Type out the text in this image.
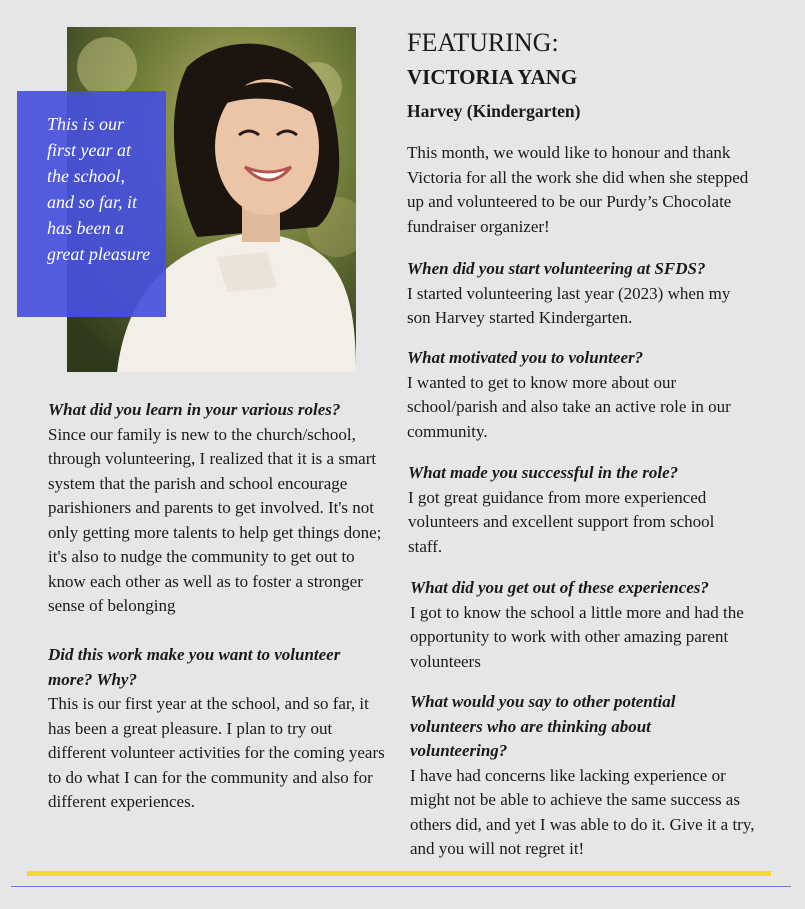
This is our first year at the school, and so far, it has been a great pleasure

FEATURING:
VICTORIA YANG
Harvey (Kindergarten)

This month, we would like to honour and thank Victoria for all the work she did when she stepped up and volunteered to be our Purdy’s Chocolate fundraiser organizer!

When did you start volunteering at SFDS?

I started volunteering last year (2023) when my son Harvey started Kindergarten.

What motivated you to volunteer?

I wanted to get to know more about our school/parish and also take an active role in our community.

What made you successful in the role?

I got great guidance from more experienced volunteers and excellent support from school staff.

What did you get out of these experiences?

I got to know the school a little more and had the opportunity to work with other amazing parent volunteers

What would you say to other potential volunteers who are thinking about volunteering?

I have had concerns like lacking experience or might not be able to achieve the same success as others did, and yet I was able to do it. Give it a try, and you will not regret it!

What did you learn in your various roles?

Since our family is new to the church/school, through volunteering, I realized that it is a smart system that the parish and school encourage parishioners and parents to get involved. It's not only getting more talents to help get things done; it's also to nudge the community to get out to know each other as well as to foster a stronger sense of belonging

Did this work make you want to volunteer more? Why?

This is our first year at the school, and so far, it has been a great pleasure. I plan to try out different volunteer activities for the coming years to do what I can for the community and also for different experiences.
